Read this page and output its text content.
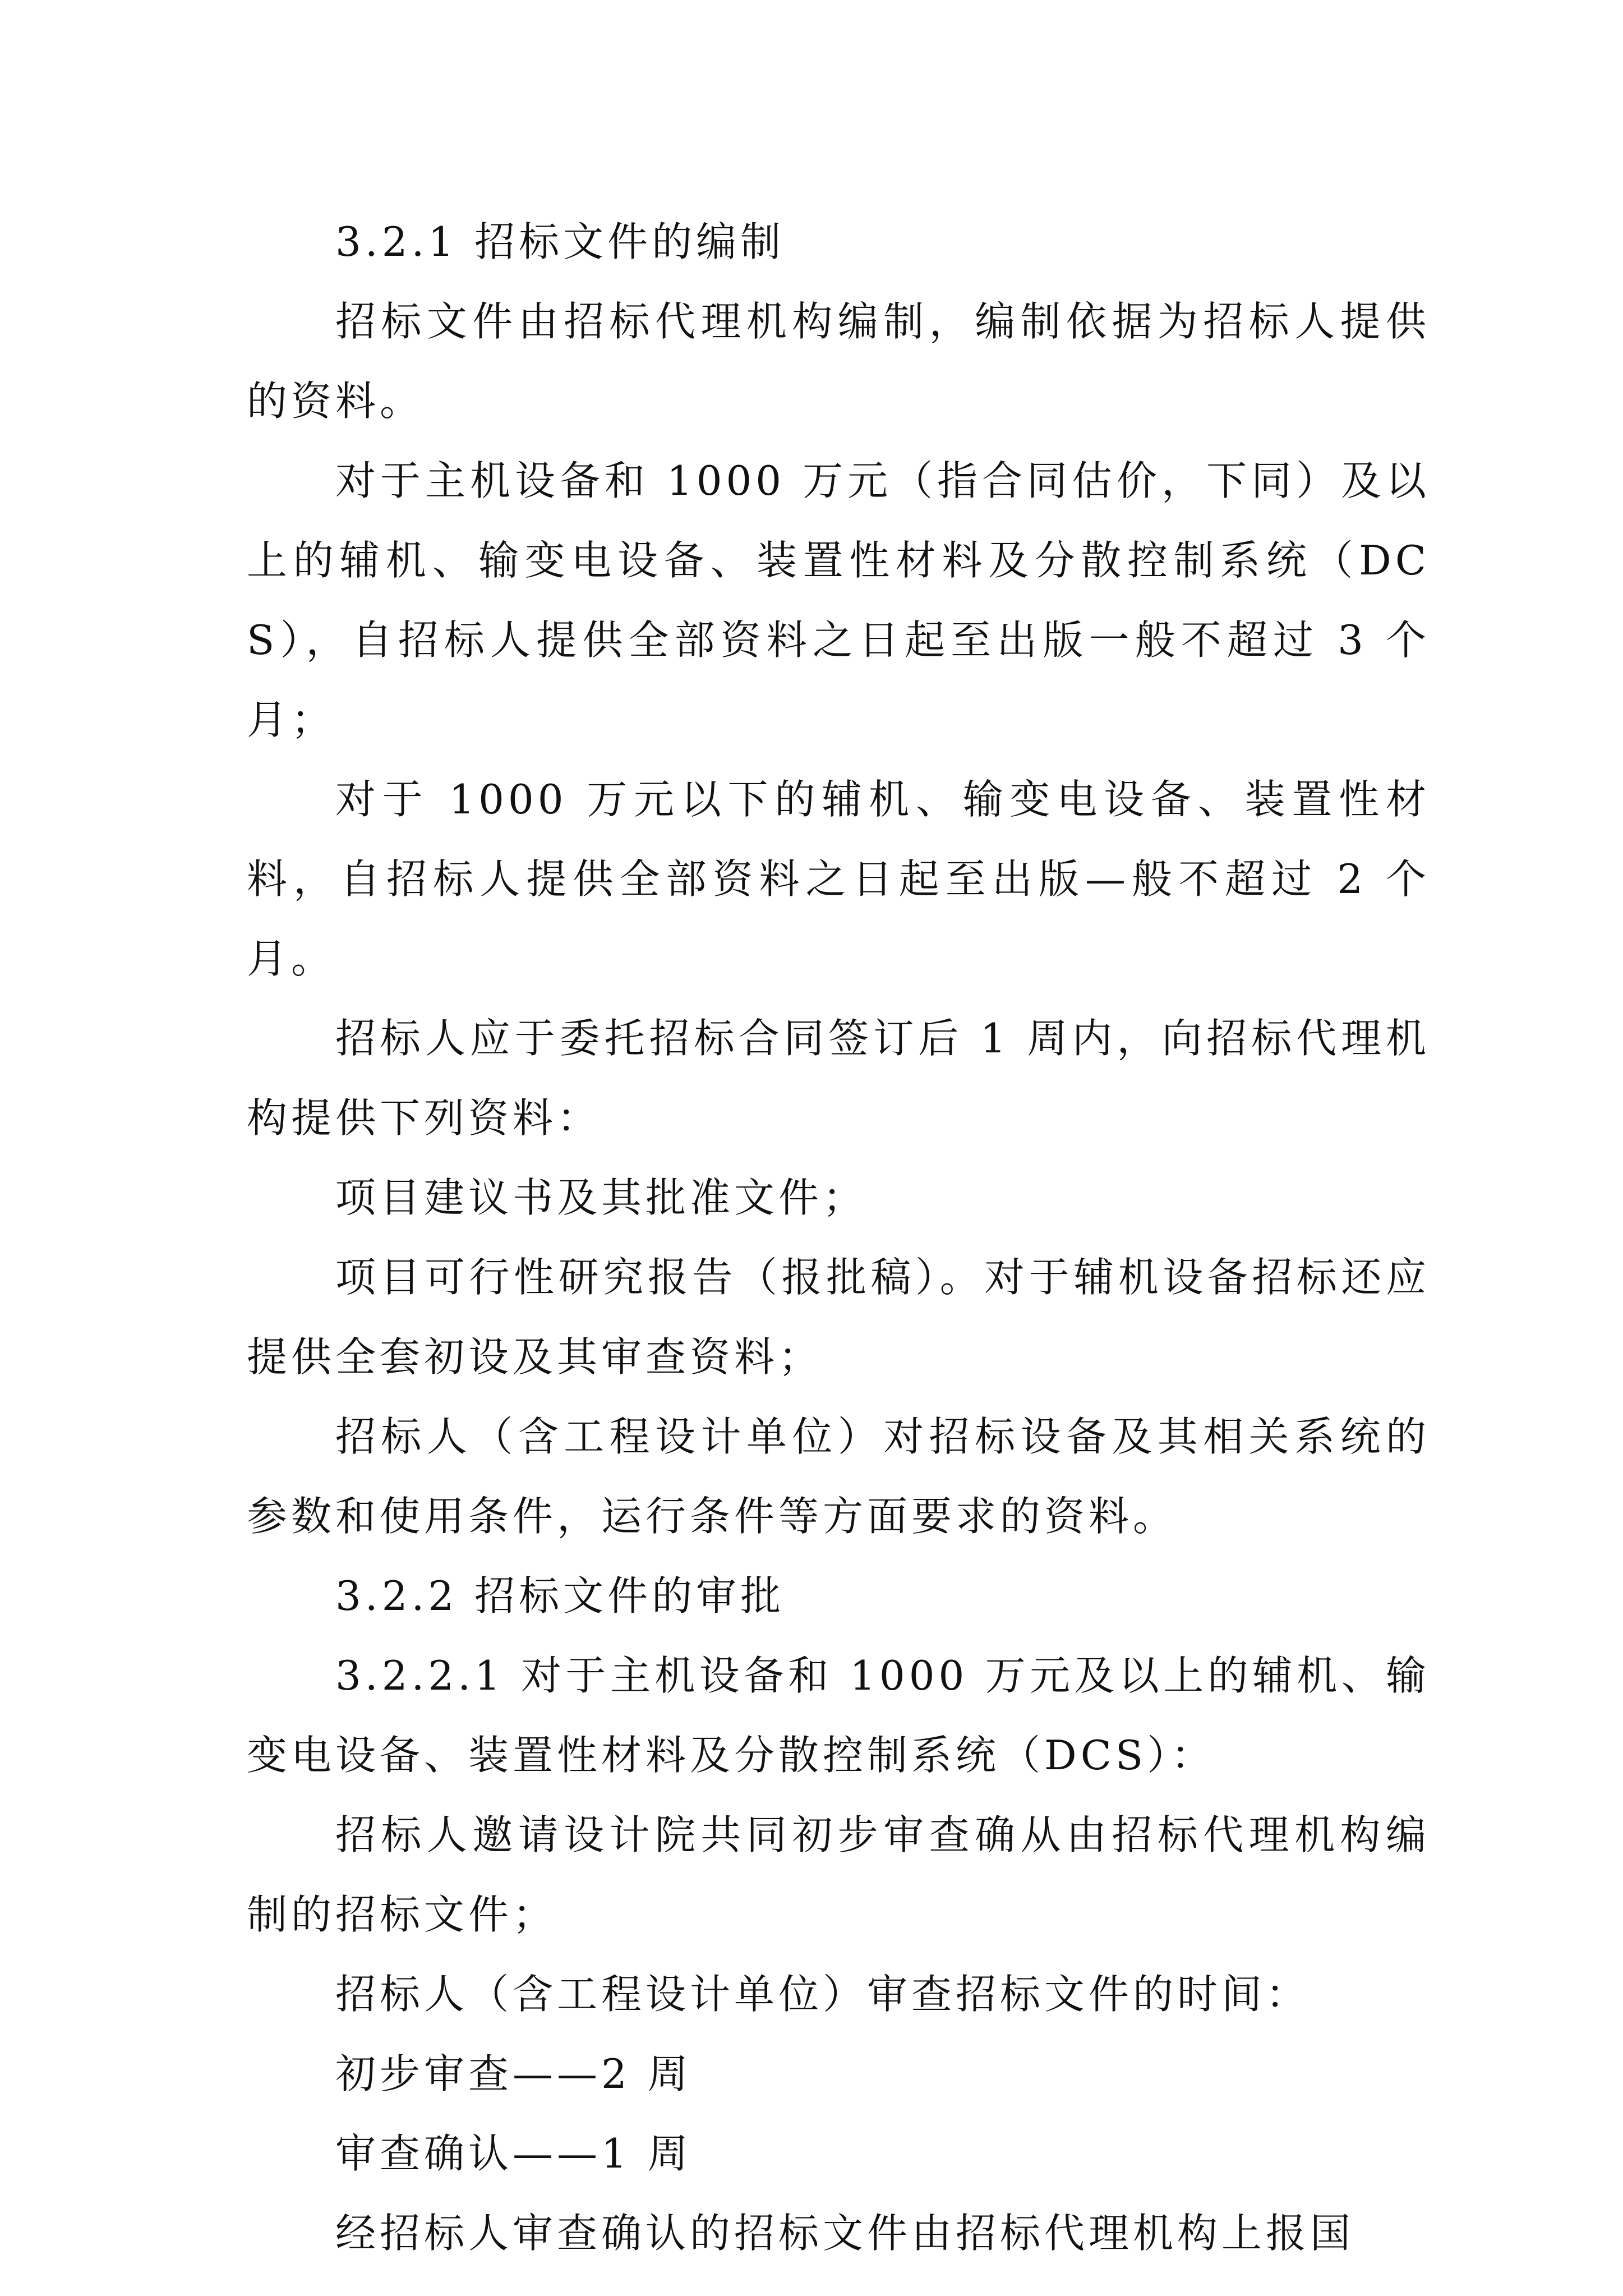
3.2.1 招标文件的编制

招标文件由招标代理机构编制，编制依据为招标人提供的资料。

对于主机设备和 1000 万元（指合同估价，下同）及以上的辅机、输变电设备、装置性材料及分散控制系统（DCS），自招标人提供全部资料之日起至出版一般不超过 3 个月；

对于 1000 万元以下的辅机、输变电设备、装置性材料，自招标人提供全部资料之日起至出版—般不超过 2 个月。

招标人应于委托招标合同签订后 1 周内，向招标代理机构提供下列资料：

项目建议书及其批准文件；

项目可行性研究报告（报批稿）。对于辅机设备招标还应提供全套初设及其审查资料；

招标人（含工程设计单位）对招标设备及其相关系统的参数和使用条件，运行条件等方面要求的资料。

3.2.2 招标文件的审批

3.2.2.1 对于主机设备和 1000 万元及以上的辅机、输变电设备、装置性材料及分散控制系统（DCS）：

招标人邀请设计院共同初步审查确从由招标代理机构编制的招标文件；

招标人（含工程设计单位）审查招标文件的时间：

初步审查——2 周

审查确认——1 周

经招标人审查确认的招标文件由招标代理机构上报国
